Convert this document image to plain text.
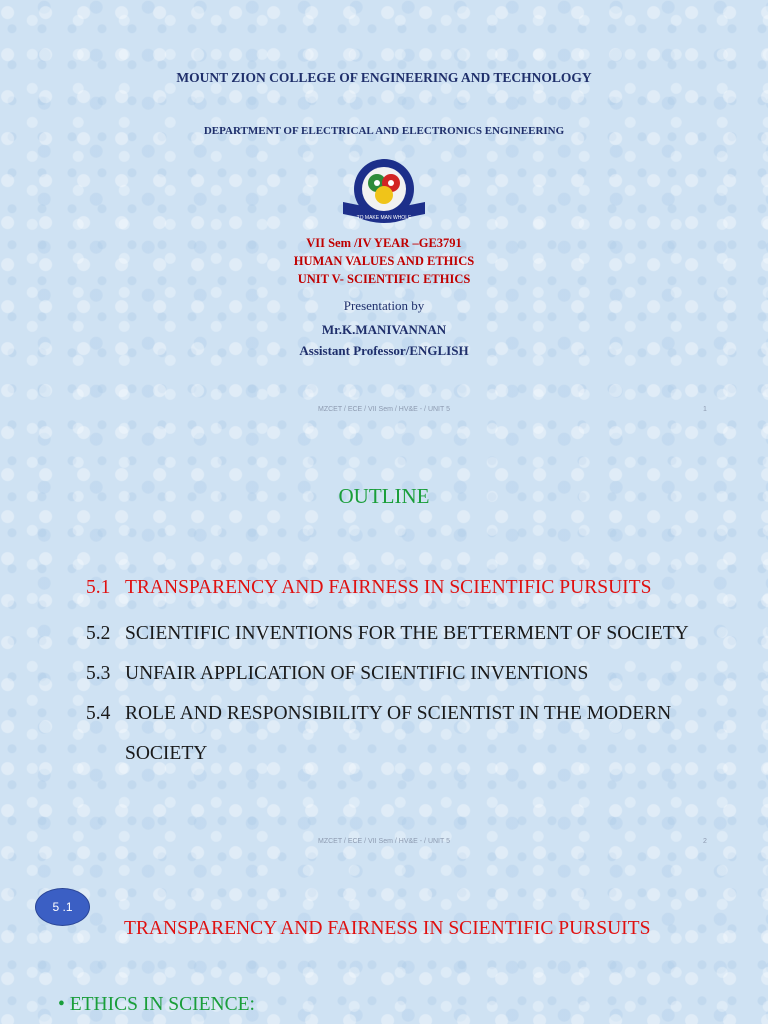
MOUNT ZION COLLEGE OF ENGINEERING AND TECHNOLOGY
DEPARTMENT OF ELECTRICAL AND ELECTRONICS ENGINEERING
TO MAKE MAN WHOLE
VII Sem /IV YEAR –GE3791
HUMAN VALUES AND ETHICS
UNIT V- SCIENTIFIC ETHICS
Presentation by
Mr.K.MANIVANNAN
Assistant Professor/ENGLISH
MZCET / ECE / VII Sem / HV&E - / UNIT 5	1
OUTLINE
5.1 TRANSPARENCY AND FAIRNESS IN SCIENTIFIC PURSUITS
5.2 SCIENTIFIC INVENTIONS FOR THE BETTERMENT OF SOCIETY
5.3 UNFAIR APPLICATION OF SCIENTIFIC INVENTIONS
5.4 ROLE AND RESPONSIBILITY OF SCIENTIST IN THE MODERN
SOCIETY
MZCET / ECE / VII Sem / HV&E - / UNIT 5	2
5 .1
TRANSPARENCY AND FAIRNESS IN SCIENTIFIC PURSUITS
• ETHICS IN SCIENCE:
